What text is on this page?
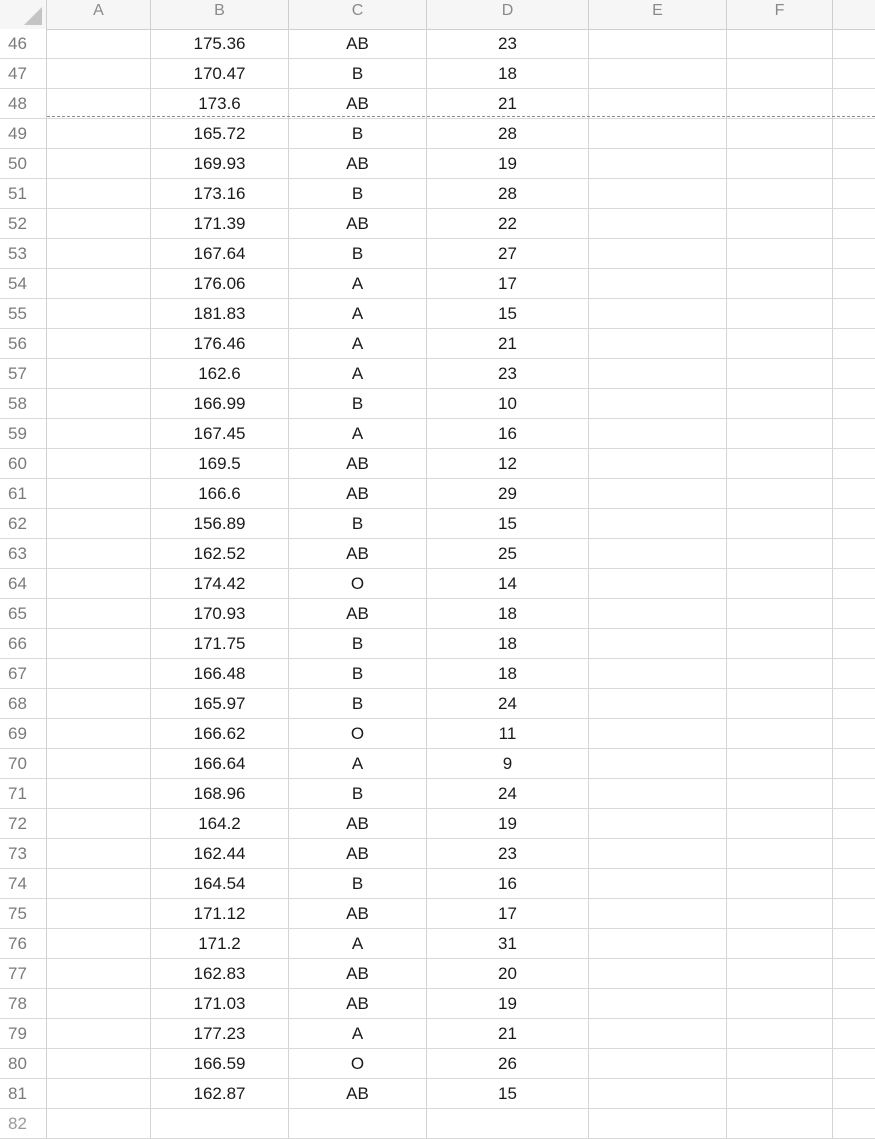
A	B	C	D	E	F
46	175.36	AB	23
47	170.47	B	18
48	173.6	AB	21
49	165.72	B	28
50	169.93	AB	19
51	173.16	B	28
52	171.39	AB	22
53	167.64	B	27
54	176.06	A	17
55	181.83	A	15
56	176.46	A	21
57	162.6	A	23
58	166.99	B	10
59	167.45	A	16
60	169.5	AB	12
61	166.6	AB	29
62	156.89	B	15
63	162.52	AB	25
64	174.42	O	14
65	170.93	AB	18
66	171.75	B	18
67	166.48	B	18
68	165.97	B	24
69	166.62	O	11
70	166.64	A	9
71	168.96	B	24
72	164.2	AB	19
73	162.44	AB	23
74	164.54	B	16
75	171.12	AB	17
76	171.2	A	31
77	162.83	AB	20
78	171.03	AB	19
79	177.23	A	21
80	166.59	O	26
81	162.87	AB	15
82
